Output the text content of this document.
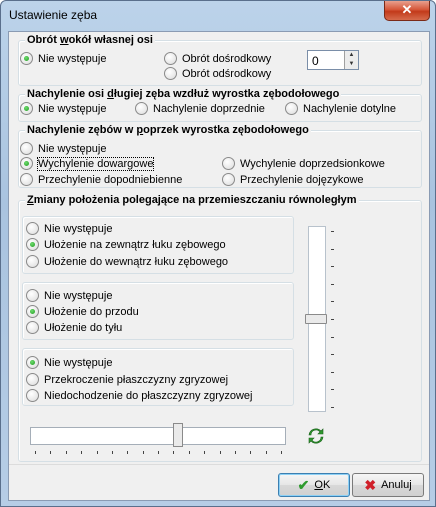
Ustawienie zęba	✕
Obrót wokół własnej osi
Nie występuje	Obrót dośrodkowy
Obrót odśrodkowy
0	▲
▼
Nachylenie osi długiej zęba wzdłuż wyrostka zębodołowego
Nie występuje	Nachylenie doprzednie	Nachylenie dotylne
Nachylenie zębów w poprzek wyrostka zębodołowego
Nie występuje
Wychylenie dowargowe
Przechylenie dopodniebienne
Wychylenie doprzedsionkowe
Przechylenie dojęzykowe
Zmiany położenia polegające na przemieszczaniu równoległym
Nie występuje
Ułożenie na zewnątrz łuku zębowego
Ułożenie do wewnątrz łuku zębowego
Nie występuje
Ułożenie do przodu
Ułożenie do tyłu
Nie występuje
Przekroczenie płaszczyzny zgryzowej
Niedochodzenie do płaszczyzny zgryzowej
✔ OK ✖ Anuluj
